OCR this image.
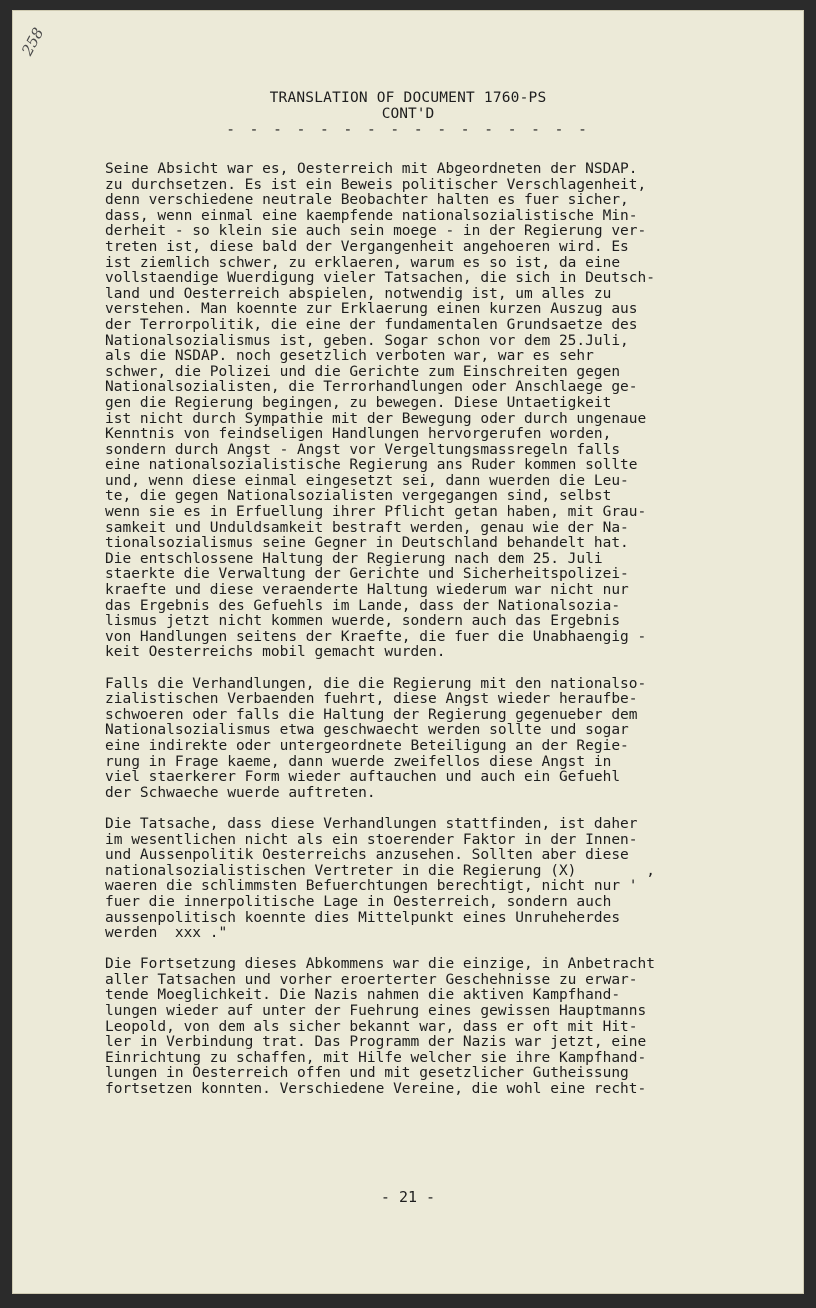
258
TRANSLATION OF DOCUMENT 1760-PS
CONT'D
- - - - - - - - - - - - - - - -
Seine Absicht war es, Oesterreich mit Abgeordneten der NSDAP.
zu durchsetzen. Es ist ein Beweis politischer Verschlagenheit,
denn verschiedene neutrale Beobachter halten es fuer sicher,
dass, wenn einmal eine kaempfende nationalsozialistische Min-
derheit - so klein sie auch sein moege - in der Regierung ver-
treten ist, diese bald der Vergangenheit angehoeren wird. Es
ist ziemlich schwer, zu erklaeren, warum es so ist, da eine
vollstaendige Wuerdigung vieler Tatsachen, die sich in Deutsch-
land und Oesterreich abspielen, notwendig ist, um alles zu
verstehen. Man koennte zur Erklaerung einen kurzen Auszug aus
der Terrorpolitik, die eine der fundamentalen Grundsaetze des
Nationalsozialismus ist, geben. Sogar schon vor dem 25.Juli,
als die NSDAP. noch gesetzlich verboten war, war es sehr
schwer, die Polizei und die Gerichte zum Einschreiten gegen
Nationalsozialisten, die Terrorhandlungen oder Anschlaege ge-
gen die Regierung begingen, zu bewegen. Diese Untaetigkeit
ist nicht durch Sympathie mit der Bewegung oder durch ungenaue
Kenntnis von feindseligen Handlungen hervorgerufen worden,
sondern durch Angst - Angst vor Vergeltungsmassregeln falls
eine nationalsozialistische Regierung ans Ruder kommen sollte
und, wenn diese einmal eingesetzt sei, dann wuerden die Leu-
te, die gegen Nationalsozialisten vergegangen sind, selbst
wenn sie es in Erfuellung ihrer Pflicht getan haben, mit Grau-
samkeit und Unduldsamkeit bestraft werden, genau wie der Na-
tionalsozialismus seine Gegner in Deutschland behandelt hat.
Die entschlossene Haltung der Regierung nach dem 25. Juli
staerkte die Verwaltung der Gerichte und Sicherheitspolizei-
kraefte und diese veraenderte Haltung wiederum war nicht nur
das Ergebnis des Gefuehls im Lande, dass der Nationalsozia-
lismus jetzt nicht kommen wuerde, sondern auch das Ergebnis
von Handlungen seitens der Kraefte, die fuer die Unabhaengig -
keit Oesterreichs mobil gemacht wurden.
Falls die Verhandlungen, die die Regierung mit den nationalso-
zialistischen Verbaenden fuehrt, diese Angst wieder heraufbe-
schwoeren oder falls die Haltung der Regierung gegenueber dem
Nationalsozialismus etwa geschwaecht werden sollte und sogar
eine indirekte oder untergeordnete Beteiligung an der Regie-
rung in Frage kaeme, dann wuerde zweifellos diese Angst in
viel staerkerer Form wieder auftauchen und auch ein Gefuehl
der Schwaeche wuerde auftreten.
Die Tatsache, dass diese Verhandlungen stattfinden, ist daher
im wesentlichen nicht als ein stoerender Faktor in der Innen-
und Aussenpolitik Oesterreichs anzusehen. Sollten aber diese
nationalsozialistischen Vertreter in die Regierung (X)        ,
waeren die schlimmsten Befuerchtungen berechtigt, nicht nur '
fuer die innerpolitische Lage in Oesterreich, sondern auch
aussenpolitisch koennte dies Mittelpunkt eines Unruheherdes
werden  xxx ."
Die Fortsetzung dieses Abkommens war die einzige, in Anbetracht
aller Tatsachen und vorher eroerterter Geschehnisse zu erwar-
tende Moeglichkeit. Die Nazis nahmen die aktiven Kampfhand-
lungen wieder auf unter der Fuehrung eines gewissen Hauptmanns
Leopold, von dem als sicher bekannt war, dass er oft mit Hit-
ler in Verbindung trat. Das Programm der Nazis war jetzt, eine
Einrichtung zu schaffen, mit Hilfe welcher sie ihre Kampfhand-
lungen in Oesterreich offen und mit gesetzlicher Gutheissung
fortsetzen konnten. Verschiedene Vereine, die wohl eine recht-
- 21 -
